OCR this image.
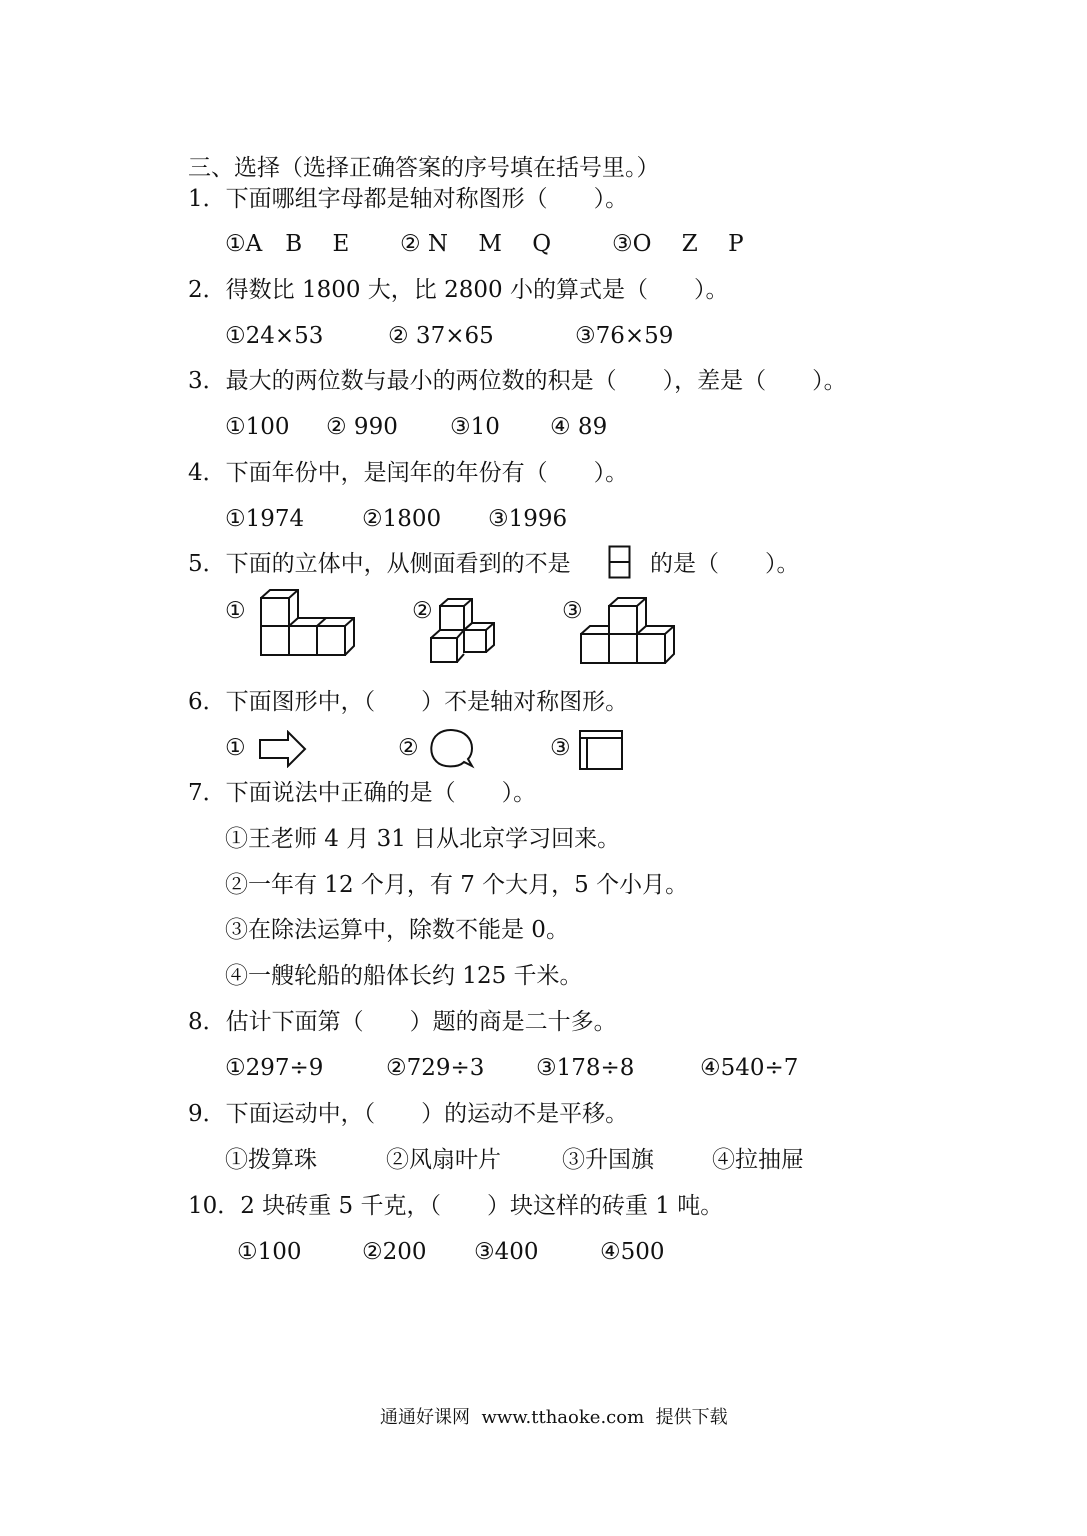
三、选择（选择正确答案的序号填在括号里。）
1．下面哪组字母都是轴对称图形（　　）。
①A　B　 E ② N　 M　 Q	③O　 Z　 P
2．得数比 1800 大，比 2800 小的算式是（　　）。
①24×53	② 37×65	③76×59
3．最大的两位数与最小的两位数的积是（　　），差是（　　）。
①100 ② 990 ③10 ④ 89
4．下面年份中，是闰年的年份有（　　）。
①1974	②1800 ③1996
5．下面的立体中，从侧面看到的不是	的是（　　）。
①	②	③
6．下面图形中，（　　）不是轴对称图形。
①	②	③
7．下面说法中正确的是（　　）。
①王老师 4 月 31 日从北京学习回来。
②一年有 12 个月，有 7 个大月，5 个小月。
③在除法运算中，除数不能是 0。
④一艘轮船的船体长约 125 千米。
8．估计下面第（　　）题的商是二十多。
①297÷9	②729÷3 ③178÷8	④540÷7
9．下面运动中，（　　）的运动不是平移。
①拨算珠	②风扇叶片	③升国旗	④拉抽屉
10．2 块砖重 5 千克，（　　）块这样的砖重 1 吨。
①100	②200 ③400	④500
通通好课网  www.tthaoke.com  提供下载
